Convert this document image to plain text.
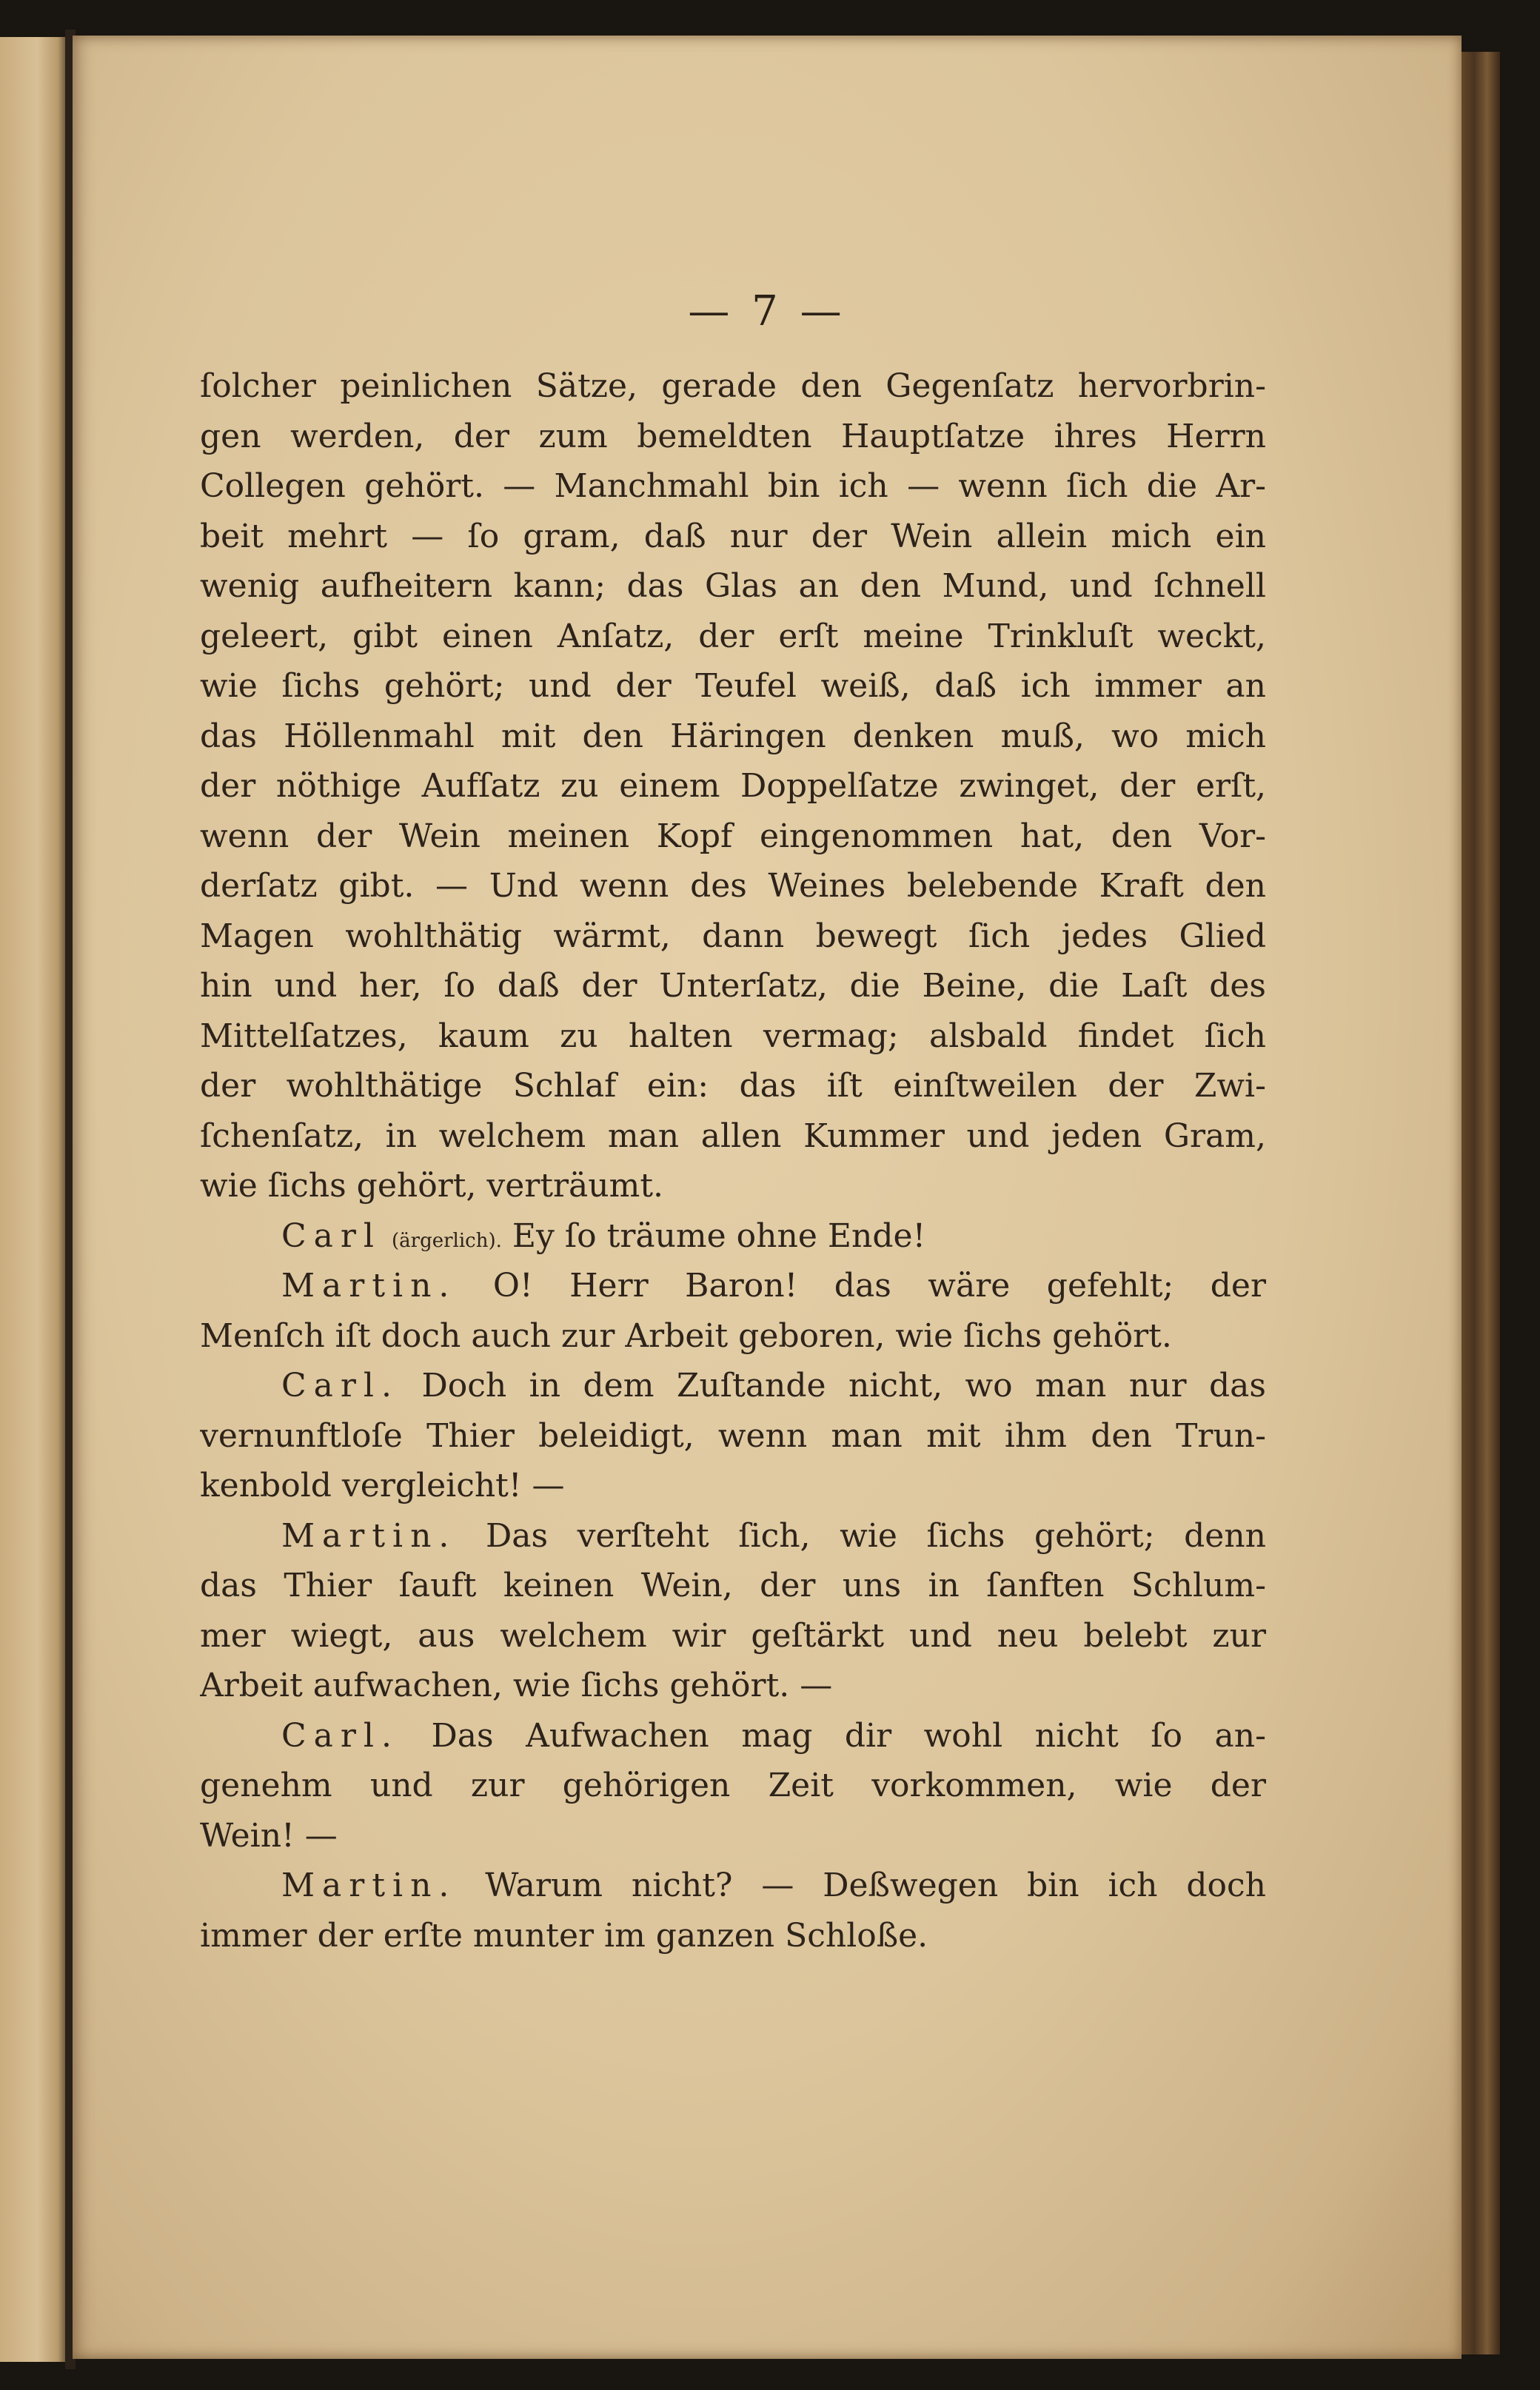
— 7 —
ſolcher peinlichen Sätze, gerade den Gegenſatz hervorbrin-
gen werden, der zum bemeldten Hauptſatze ihres Herrn
Collegen gehört. — Manchmahl bin ich — wenn ſich die Ar-
beit mehrt — ſo gram, daß nur der Wein allein mich ein
wenig aufheitern kann; das Glas an den Mund, und ſchnell
geleert, gibt einen Anſatz, der erſt meine Trinkluſt weckt,
wie ſichs gehört; und der Teufel weiß, daß ich immer an
das Höllenmahl mit den Häringen denken muß, wo mich
der nöthige Aufſatz zu einem Doppelſatze zwinget, der erſt,
wenn der Wein meinen Kopf eingenommen hat, den Vor-
derſatz gibt. — Und wenn des Weines belebende Kraft den
Magen wohlthätig wärmt, dann bewegt ſich jedes Glied
hin und her, ſo daß der Unterſatz, die Beine, die Laſt des
Mittelſatzes, kaum zu halten vermag; alsbald findet ſich
der wohlthätige Schlaf ein: das iſt einſtweilen der Zwi-
ſchenſatz, in welchem man allen Kummer und jeden Gram,
wie ſichs gehört, verträumt.
Carl (ärgerlich). Ey ſo träume ohne Ende!
Martin. O! Herr Baron! das wäre gefehlt; der
Menſch iſt doch auch zur Arbeit geboren, wie ſichs gehört.
Carl. Doch in dem Zuſtande nicht, wo man nur das
vernunftloſe Thier beleidigt, wenn man mit ihm den Trun-
kenbold vergleicht! —
Martin. Das verſteht ſich, wie ſichs gehört; denn
das Thier ſauft keinen Wein, der uns in ſanften Schlum-
mer wiegt, aus welchem wir geſtärkt und neu belebt zur
Arbeit aufwachen, wie ſichs gehört. —
Carl. Das Aufwachen mag dir wohl nicht ſo an-
genehm und zur gehörigen Zeit vorkommen, wie der
Wein! —
Martin. Warum nicht? — Deßwegen bin ich doch
immer der erſte munter im ganzen Schloße.
